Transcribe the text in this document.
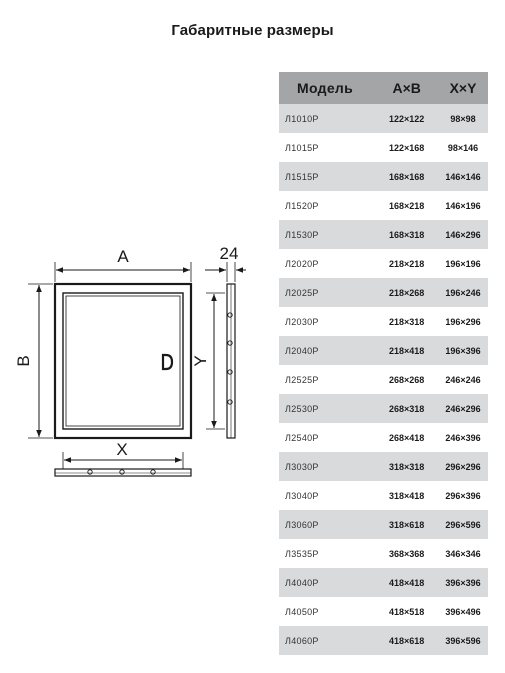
Габаритные размеры
A
B
X
Y
24
Модель	A×B	X×Y
Л1010Р	122×122	98×98
Л1015Р	122×168	98×146
Л1515Р	168×168	146×146
Л1520Р	168×218	146×196
Л1530Р	168×318	146×296
Л2020Р	218×218	196×196
Л2025Р	218×268	196×246
Л2030Р	218×318	196×296
Л2040Р	218×418	196×396
Л2525Р	268×268	246×246
Л2530Р	268×318	246×296
Л2540Р	268×418	246×396
Л3030Р	318×318	296×296
Л3040Р	318×418	296×396
Л3060Р	318×618	296×596
Л3535Р	368×368	346×346
Л4040Р	418×418	396×396
Л4050Р	418×518	396×496
Л4060Р	418×618	396×596
